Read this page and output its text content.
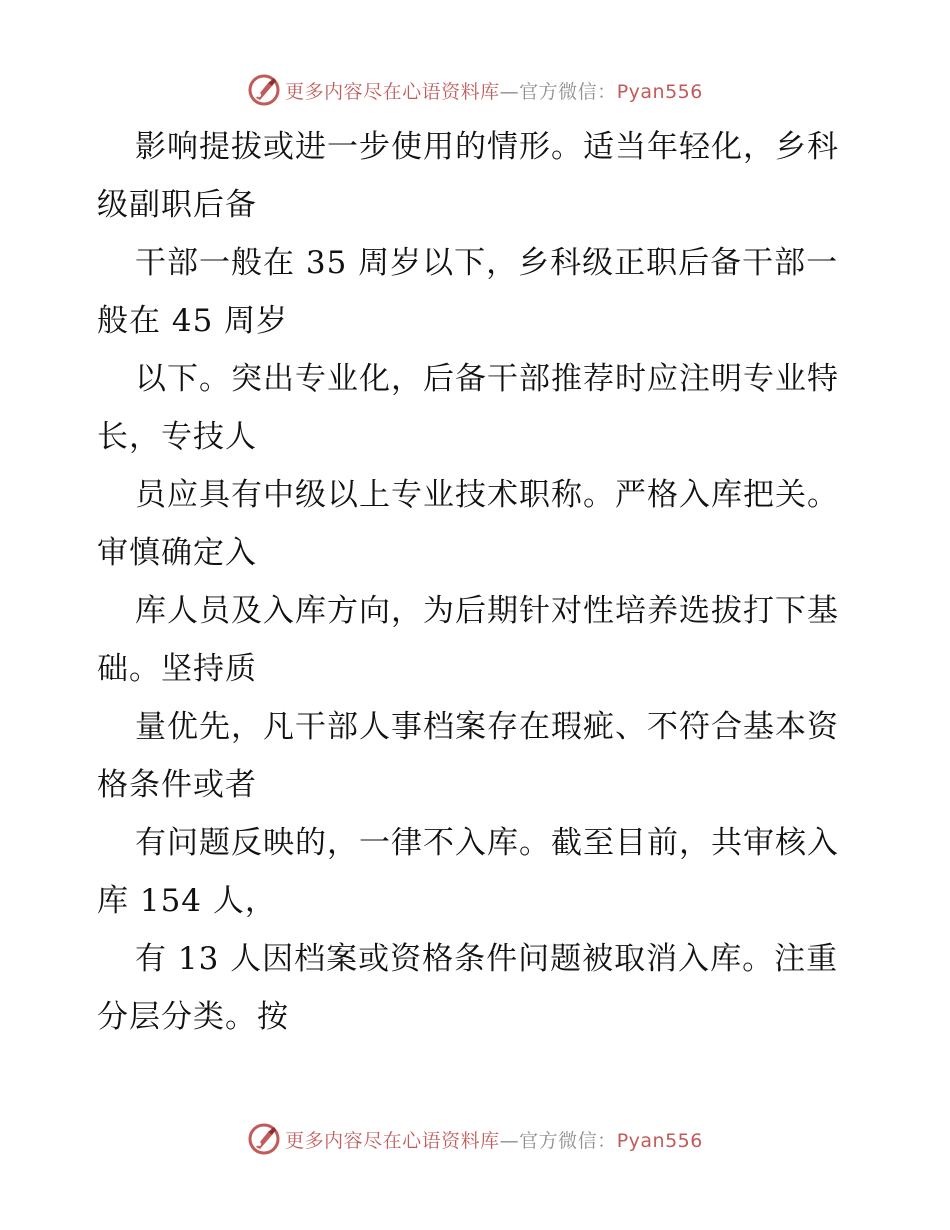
更多内容尽在心语资料库—官方微信：Pyan556

影响提拔或进一步使用的情形。适当年轻化，乡科级副职后备

干部一般在 35 周岁以下，乡科级正职后备干部一般在 45 周岁

以下。突出专业化，后备干部推荐时应注明专业特长，专技人

员应具有中级以上专业技术职称。严格入库把关。审慎确定入

库人员及入库方向，为后期针对性培养选拔打下基础。坚持质

量优先，凡干部人事档案存在瑕疵、不符合基本资格条件或者

有问题反映的，一律不入库。截至目前，共审核入库 154 人，

有 13 人因档案或资格条件问题被取消入库。注重分层分类。按

更多内容尽在心语资料库—官方微信：Pyan556
